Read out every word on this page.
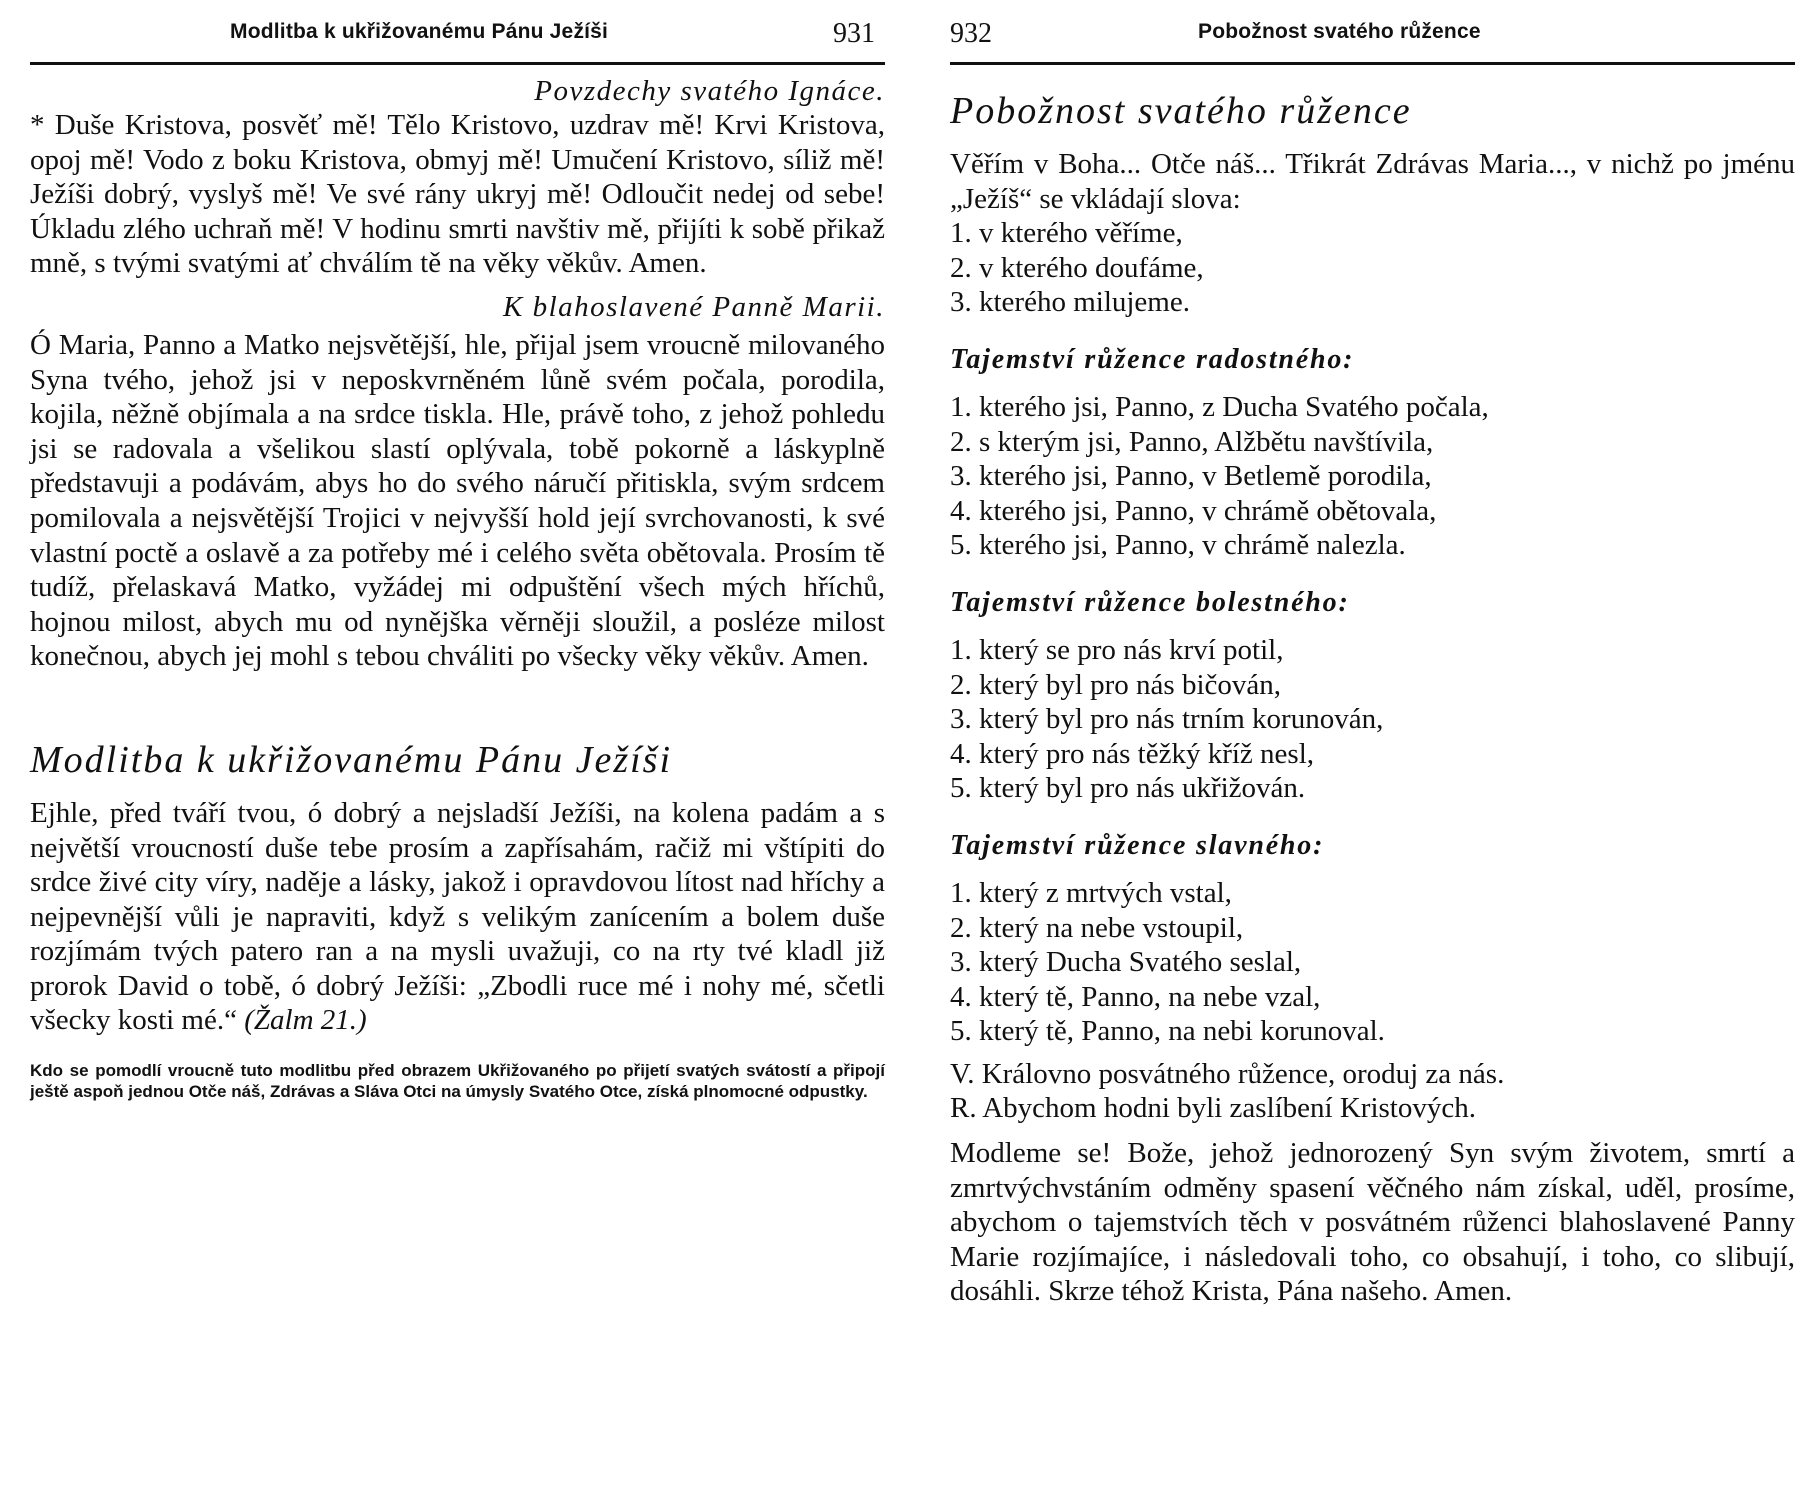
Modlitba k ukřižovanému Pánu Ježíši	931
Povzdechy svatého Ignáce.

* Duše Kristova, posvěť mě! Tělo Kristovo, uzdrav mě! Krvi Kristova, opoj mě! Vodo z boku Kristova, obmyj mě! Umučení Kristovo, síliž mě! Ježíši dobrý, vyslyš mě! Ve své rány ukryj mě! Odloučit nedej od sebe! Úkladu zlého uchraň mě! V hodinu smrti navštiv mě, přijíti k sobě přikaž mně, s tvými svatými ať chválím tě na věky věkův. Amen.

K blahoslavené Panně Marii.

Ó Maria, Panno a Matko nejsvětější, hle, přijal jsem vroucně milovaného Syna tvého, jehož jsi v neposkvrněném lůně svém počala, porodila, kojila, něžně objímala a na srdce tiskla. Hle, právě toho, z jehož pohledu jsi se radovala a všelikou slastí oplývala, tobě pokorně a láskyplně představuji a podávám, abys ho do svého náručí přitiskla, svým srdcem pomilovala a nejsvětější Trojici v nejvyšší hold její svrchovanosti, k své vlastní poctě a oslavě a za potřeby mé i celého světa obětovala. Prosím tě tudíž, přelaskavá Matko, vyžádej mi odpuštění všech mých hříchů, hojnou milost, abych mu od nynějška věrněji sloužil, a posléze milost konečnou, abych jej mohl s tebou chváliti po všecky věky věkův. Amen.

Modlitba k ukřižovanému Pánu Ježíši

Ejhle, před tváří tvou, ó dobrý a nejsladší Ježíši, na kolena padám a s největší vroucností duše tebe prosím a zapřísahám, račiž mi vštípiti do srdce živé city víry, naděje a lásky, jakož i opravdovou lítost nad hříchy a nejpevnější vůli je napraviti, když s velikým zanícením a bolem duše rozjímám tvých patero ran a na mysli uvažuji, co na rty tvé kladl již prorok David o tobě, ó dobrý Ježíši: „Zbodli ruce mé i nohy mé, sčetli všecky kosti mé.“ (Žalm 21.)

Kdo se pomodlí vroucně tuto modlitbu před obrazem Ukřižovaného po přijetí svatých svátostí a připojí ještě aspoň jednou Otče náš, Zdrávas a Sláva Otci na úmysly Svatého Otce, získá plnomocné odpustky.

932	Pobožnost svatého růžence
Pobožnost svatého růžence

Věřím v Boha... Otče náš... Třikrát Zdrávas Maria..., v nichž po jménu „Ježíš“ se vkládají slova:

1. v kterého věříme,
2. v kterého doufáme,
3. kterého milujeme.
Tajemství růžence radostného:
1. kterého jsi, Panno, z Ducha Svatého počala,
2. s kterým jsi, Panno, Alžbětu navštívila,
3. kterého jsi, Panno, v Betlemě porodila,
4. kterého jsi, Panno, v chrámě obětovala,
5. kterého jsi, Panno, v chrámě nalezla.
Tajemství růžence bolestného:
1. který se pro nás krví potil,
2. který byl pro nás bičován,
3. který byl pro nás trním korunován,
4. který pro nás těžký kříž nesl,
5. který byl pro nás ukřižován.
Tajemství růžence slavného:
1. který z mrtvých vstal,
2. který na nebe vstoupil,
3. který Ducha Svatého seslal,
4. který tě, Panno, na nebe vzal,
5. který tě, Panno, na nebi korunoval.

V. Královno posvátného růžence, oroduj za nás.

R. Abychom hodni byli zaslíbení Kristových.

Modleme se! Bože, jehož jednorozený Syn svým životem, smrtí a zmrtvýchvstáním odměny spasení věčného nám získal, uděl, prosíme, abychom o tajemstvích těch v posvátném růženci blahoslavené Panny Marie rozjímajíce, i následovali toho, co obsahují, i toho, co slibují, dosáhli. Skrze téhož Krista, Pána našeho. Amen.
